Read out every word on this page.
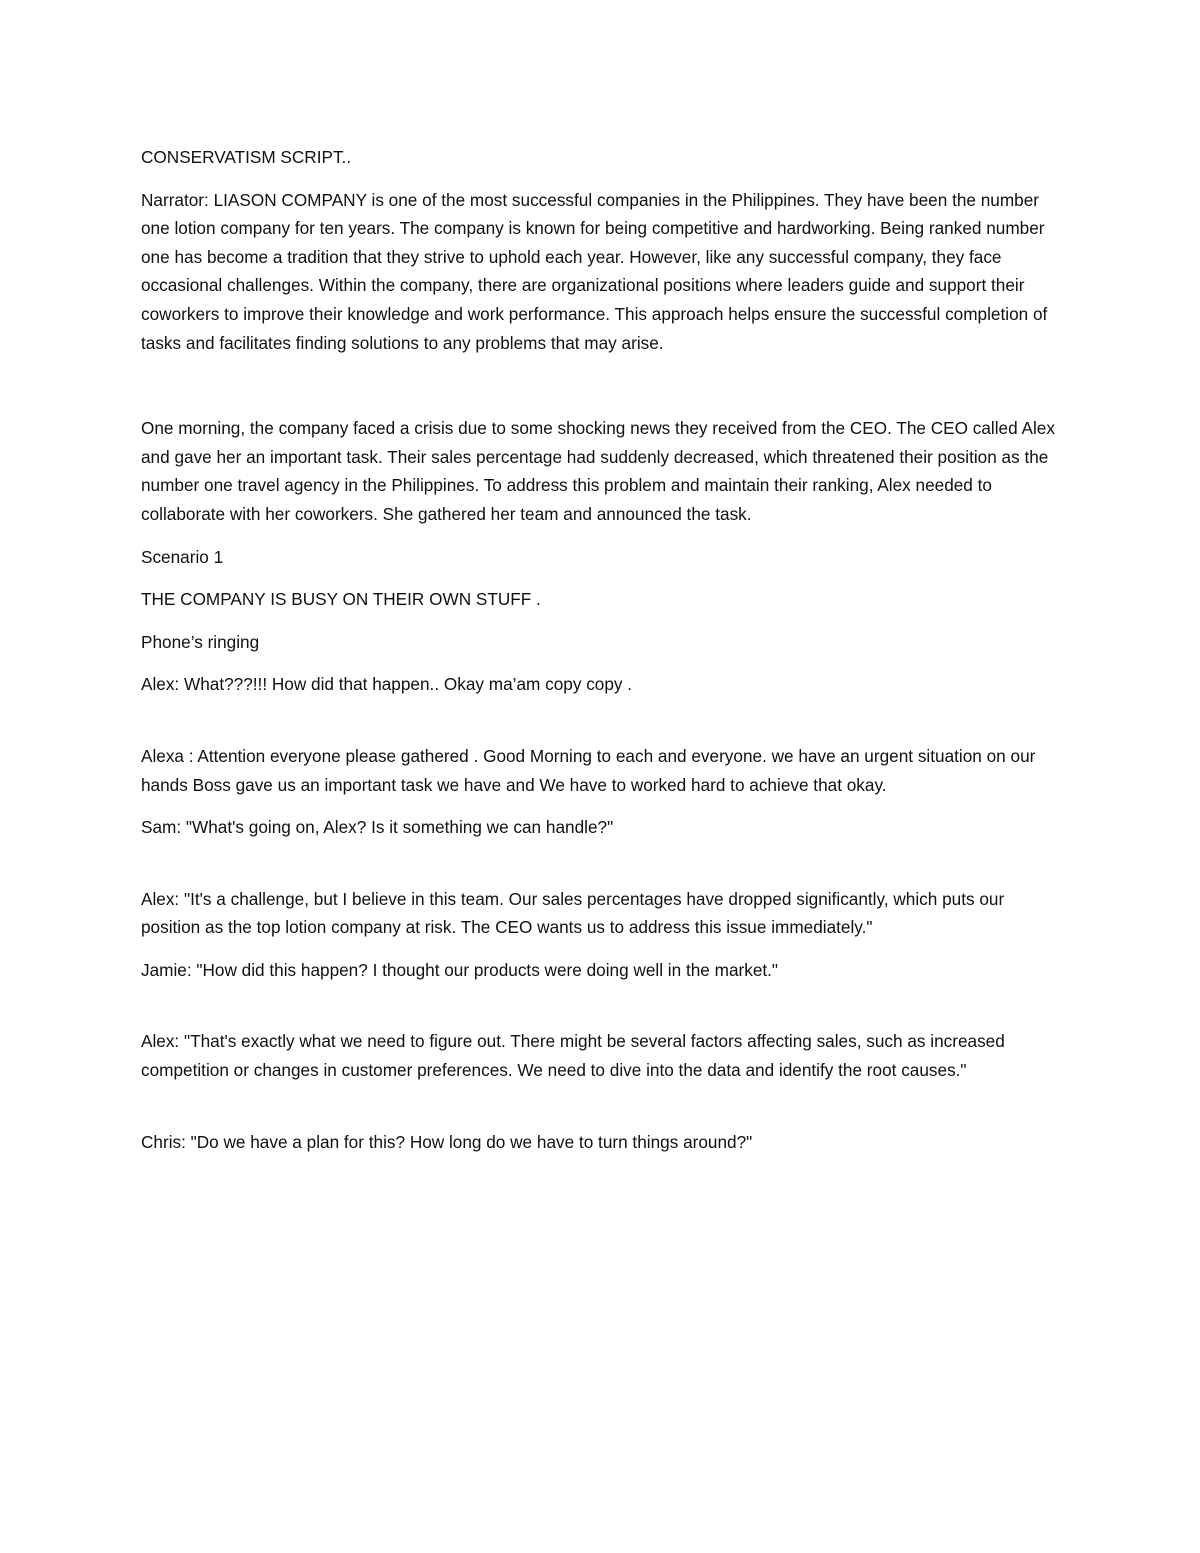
CONSERVATISM SCRIPT..

Narrator: LIASON COMPANY is one of the most successful companies in the Philippines. They have been the number one lotion company for ten years. The company is known for being competitive and hardworking. Being ranked number one has become a tradition that they strive to uphold each year. However, like any successful company, they face occasional challenges. Within the company, there are organizational positions where leaders guide and support their coworkers to improve their knowledge and work performance. This approach helps ensure the successful completion of tasks and facilitates finding solutions to any problems that may arise.

One morning, the company faced a crisis due to some shocking news they received from the CEO. The CEO called Alex and gave her an important task. Their sales percentage had suddenly decreased, which threatened their position as the number one travel agency in the Philippines. To address this problem and maintain their ranking, Alex needed to collaborate with her coworkers. She gathered her team and announced the task.

Scenario 1

THE COMPANY IS BUSY ON THEIR OWN STUFF .

Phone’s ringing

Alex: What???!!! How did that happen.. Okay ma’am copy copy .

Alexa : Attention everyone please gathered . Good Morning to each and everyone. we have an urgent situation on our hands Boss gave us an important task we have and We have to worked hard to achieve that okay.

Sam: "What's going on, Alex? Is it something we can handle?"

Alex: "It's a challenge, but I believe in this team. Our sales percentages have dropped significantly, which puts our position as the top lotion company at risk. The CEO wants us to address this issue immediately."

Jamie: "How did this happen? I thought our products were doing well in the market."

Alex: "That's exactly what we need to figure out. There might be several factors affecting sales, such as increased competition or changes in customer preferences. We need to dive into the data and identify the root causes."

Chris: "Do we have a plan for this? How long do we have to turn things around?"
